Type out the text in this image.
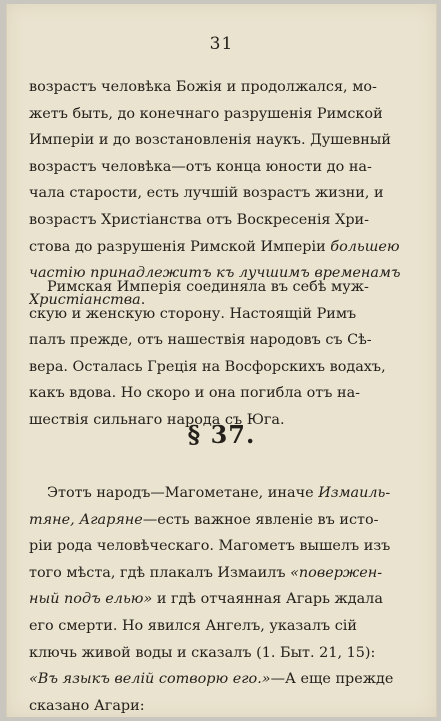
31
возрастъ человѣка Божія и продолжался, мо-
жетъ быть, до конечнаго разрушенія Римской
Имперіи и до возстановленія наукъ. Душевный
возрастъ человѣка—отъ конца юности до на-
чала старости, есть лучшій возрастъ жизни, и
возрастъ Христіанства отъ Воскресенія Хри-
стова до разрушенія Римской Имперіи большею
частію принадлежитъ къ лучшимъ временамъ
Христіанства.
Римская Имперія соединяла въ себѣ муж-
скую и женскую сторону. Настоящій Римъ
палъ прежде, отъ нашествія народовъ съ Сѣ-
вера. Осталась Греція на Восфорскихъ водахъ,
какъ вдова. Но скоро и она погибла отъ на-
шествія сильнаго народа съ Юга.
§ 37.
Этотъ народъ—Магометане, иначе Измаиль-
тяне, Агаряне—есть важное явленіе въ исто-
ріи рода человѣческаго. Магометъ вышелъ изъ
того мѣста, гдѣ плакалъ Измаилъ «повержен-
ный подъ елью» и гдѣ отчаянная Агарь ждала
его смерти. Но явился Ангелъ, указалъ сій
ключь живой воды и сказалъ (1. Быт. 21, 15):
«Въ языкъ велій сотворю его.»—А еще прежде
сказано Агари:
